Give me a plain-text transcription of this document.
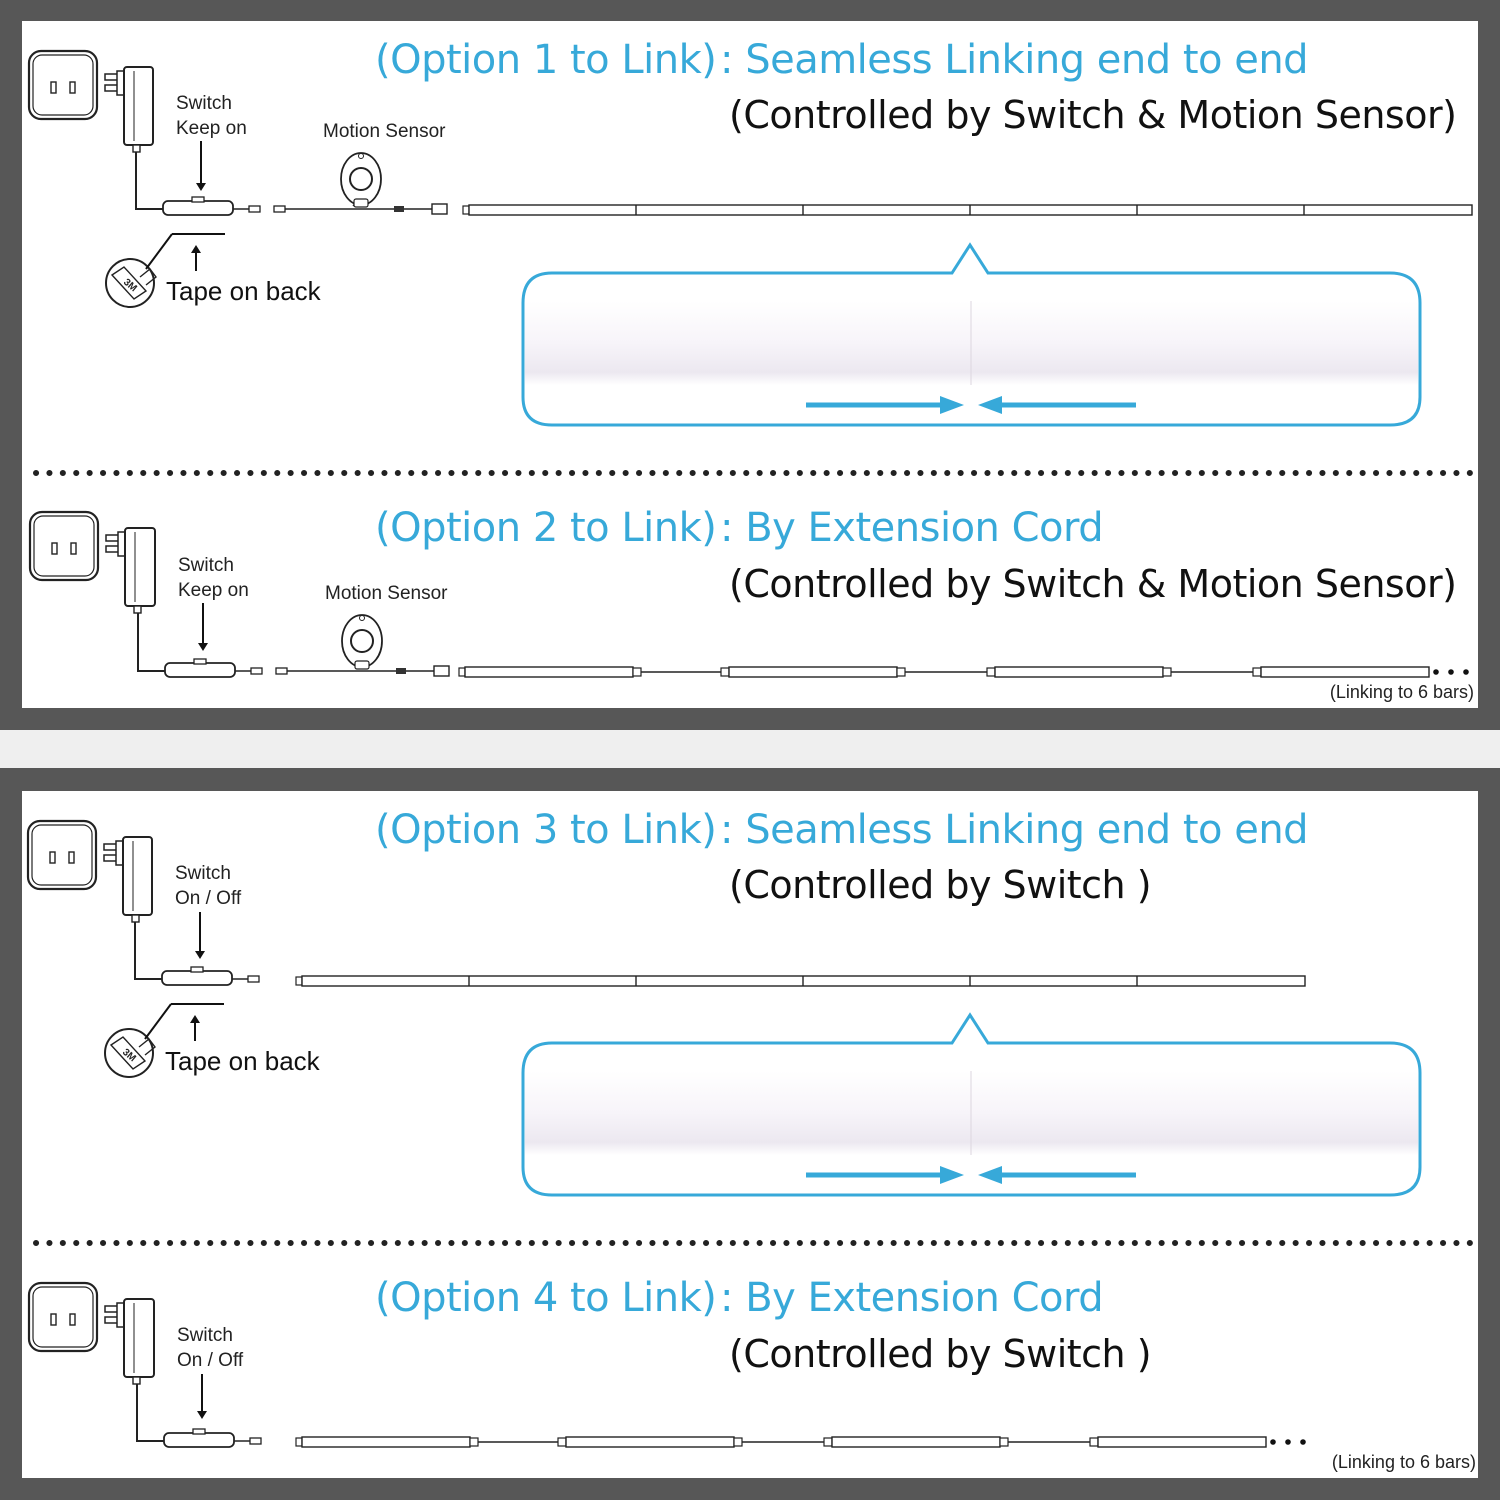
3M
(Option 1 to Link) : Seamless Linking end to end
(Controlled by Switch & Motion Sensor)
Switch
Keep on	Motion Sensor
Tape on back
(Option 2 to Link) : By Extension Cord
(Controlled by Switch & Motion Sensor)
Switch
Keep on	Motion Sensor
(Linking to 6 bars)
3M
(Option 3 to Link) : Seamless Linking end to end
(Controlled by Switch )
Switch
On / Off
Tape on back
(Option 4 to Link) : By Extension Cord
(Controlled by Switch )
Switch
On / Off
(Linking to 6 bars)
